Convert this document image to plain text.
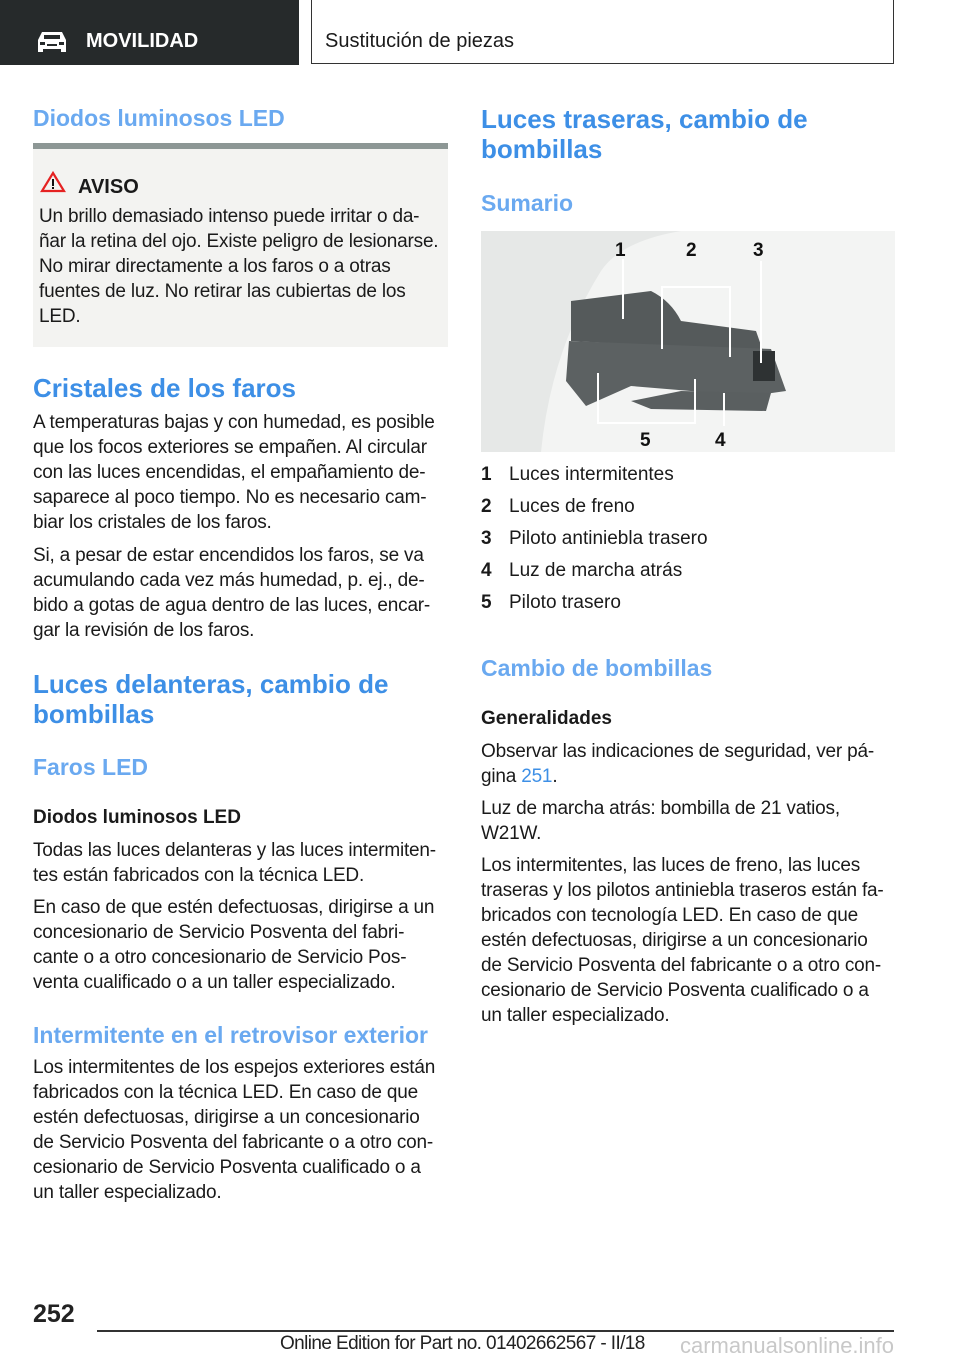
MOVILIDAD	Sustitución de piezas
Diodos luminosos LED
AVISO
Un brillo demasiado intenso puede irritar o da-
ñar la retina del ojo. Existe peligro de lesionarse.
No mirar directamente a los faros o a otras
fuentes de luz. No retirar las cubiertas de los
LED.
Cristales de los faros
A temperaturas bajas y con humedad, es posible
que los focos exteriores se empañen. Al circular
con las luces encendidas, el empañamiento de-
saparece al poco tiempo. No es necesario cam-
biar los cristales de los faros.
Si, a pesar de estar encendidos los faros, se va
acumulando cada vez más humedad, p. ej., de-
bido a gotas de agua dentro de las luces, encar-
gar la revisión de los faros.
Luces delanteras, cambio de
bombillas
Faros LED
Diodos luminosos LED
Todas las luces delanteras y las luces intermiten-
tes están fabricados con la técnica LED.
En caso de que estén defectuosas, dirigirse a un
concesionario de Servicio Posventa del fabri-
cante o a otro concesionario de Servicio Pos-
venta cualificado o a un taller especializado.
Intermitente en el retrovisor exterior
Los intermitentes de los espejos exteriores están
fabricados con la técnica LED. En caso de que
estén defectuosas, dirigirse a un concesionario
de Servicio Posventa del fabricante o a otro con-
cesionario de Servicio Posventa cualificado o a
un taller especializado.
Luces traseras, cambio de
bombillas
Sumario
1	2	3
4
5
1 Luces intermitentes
2 Luces de freno
3 Piloto antiniebla trasero
4 Luz de marcha atrás
5 Piloto trasero
Cambio de bombillas
Generalidades
Observar las indicaciones de seguridad, ver pá-
gina 251.
Luz de marcha atrás: bombilla de 21 vatios,
W21W.
Los intermitentes, las luces de freno, las luces
traseras y los pilotos antiniebla traseros están fa-
bricados con tecnología LED. En caso de que
estén defectuosas, dirigirse a un concesionario
de Servicio Posventa del fabricante o a otro con-
cesionario de Servicio Posventa cualificado o a
un taller especializado.
252
Online Edition for Part no. 01402662567 - II/18 carmanualsonline.info
